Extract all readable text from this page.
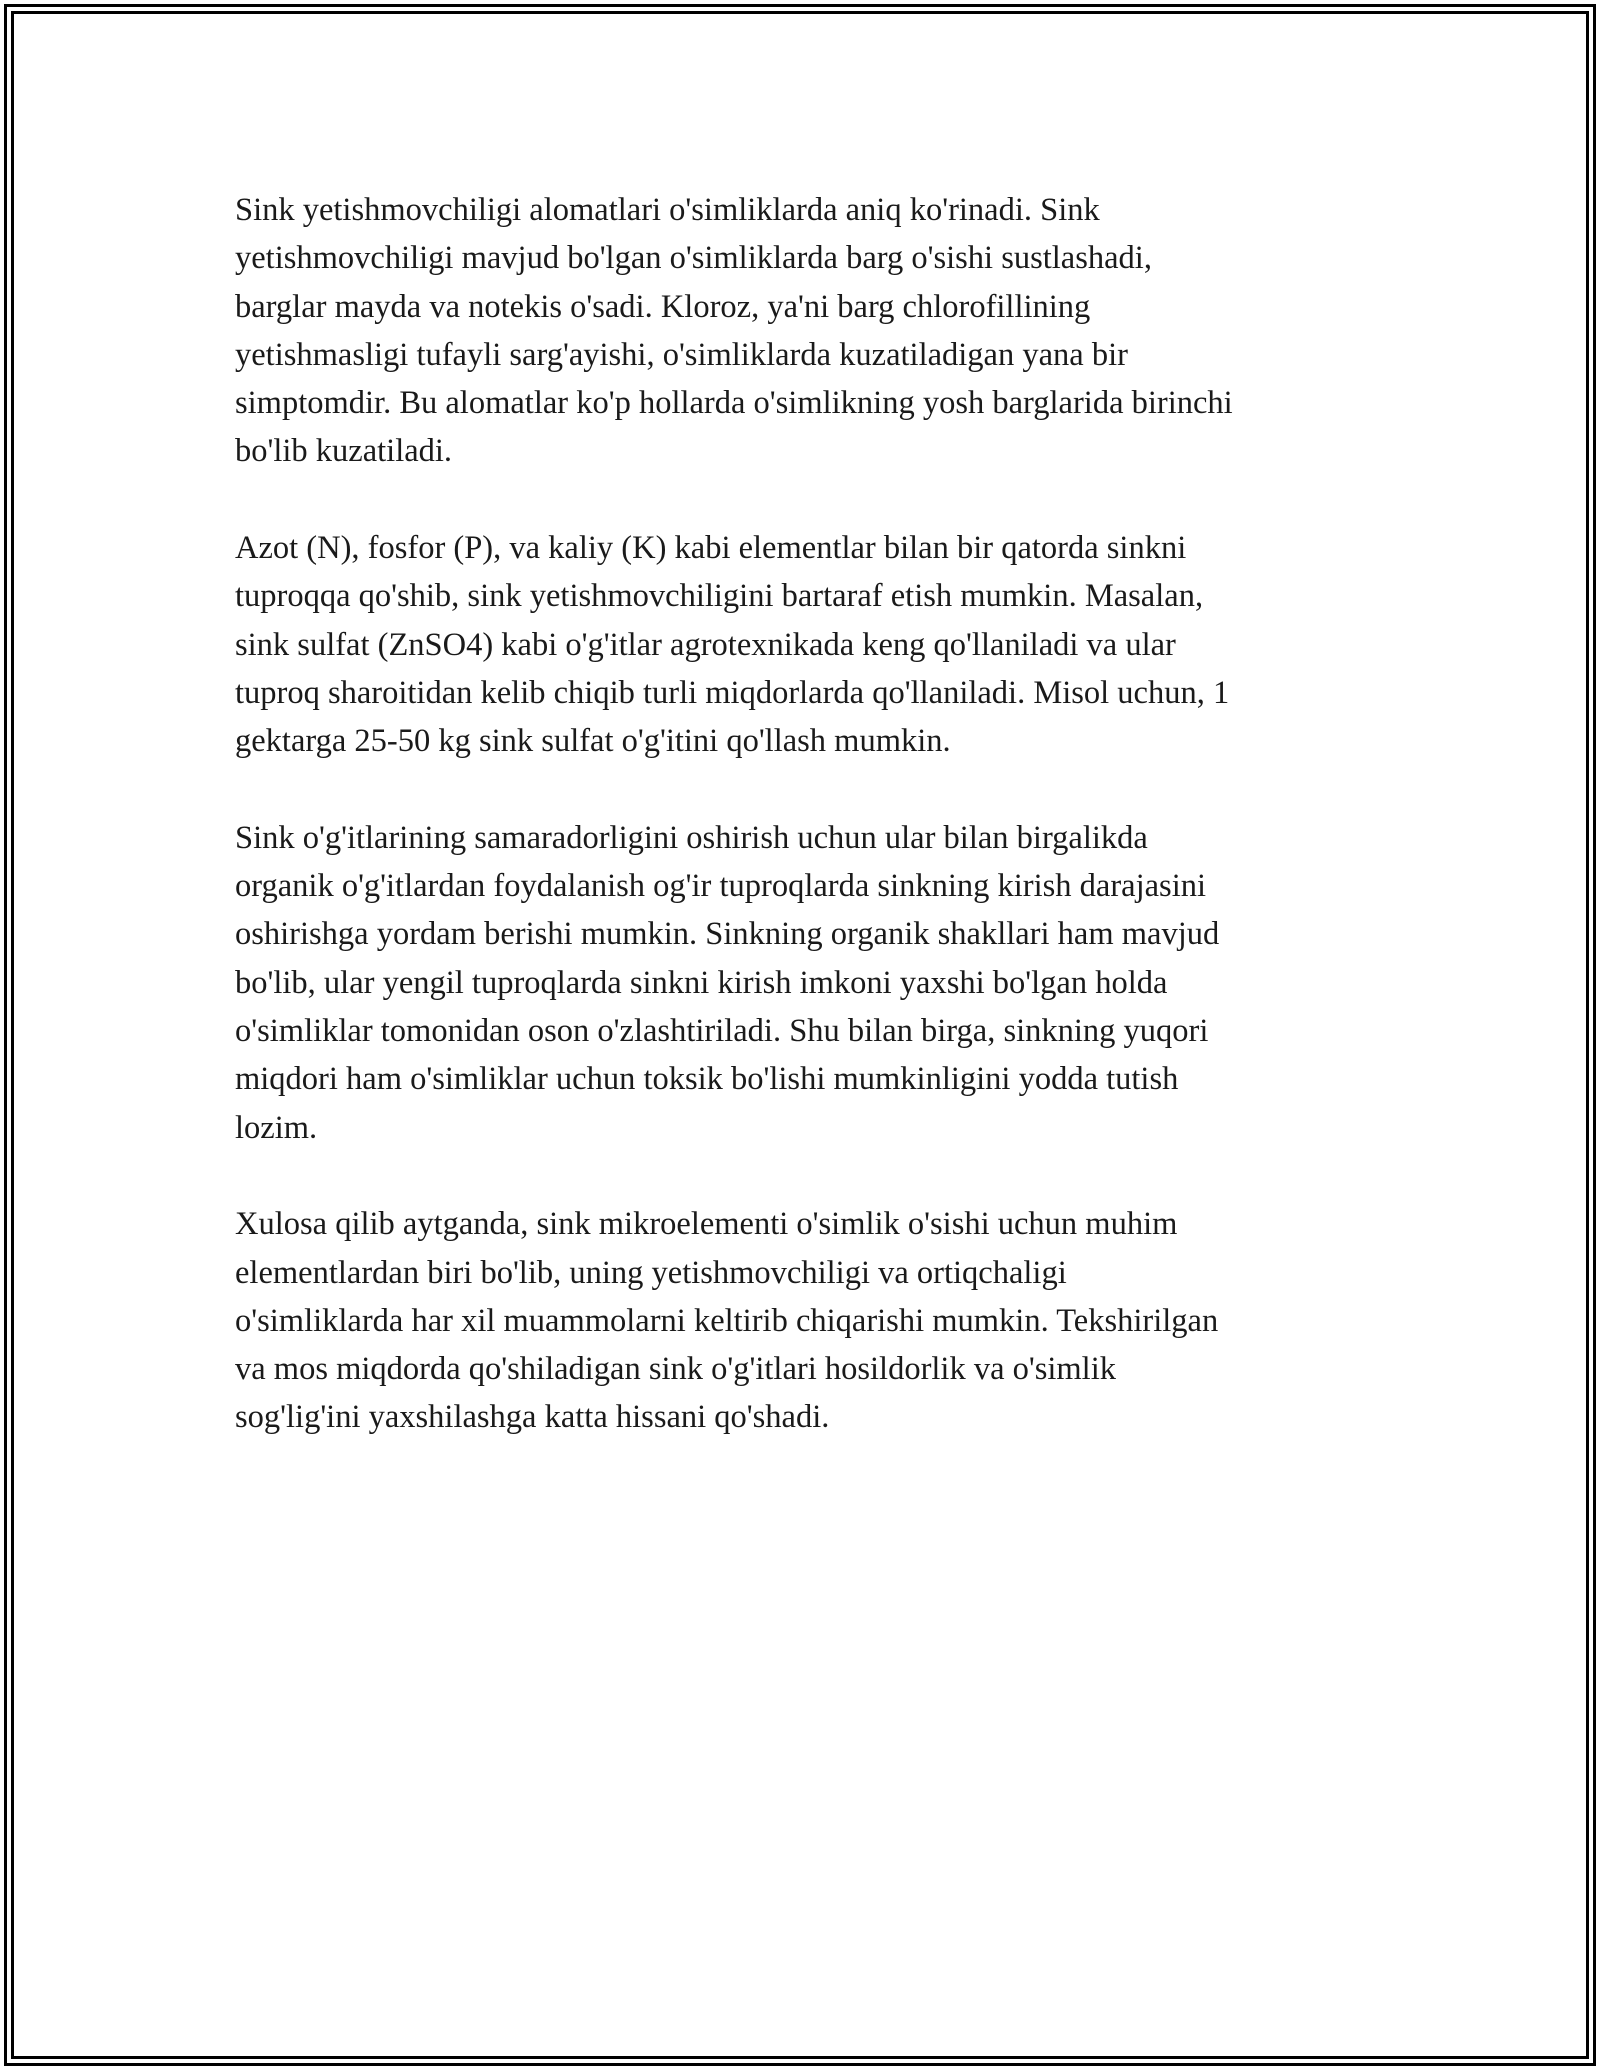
Sink yetishmovchiligi alomatlari o'simliklarda aniq ko'rinadi. Sink
yetishmovchiligi mavjud bo'lgan o'simliklarda barg o'sishi sustlashadi,
barglar mayda va notekis o'sadi. Kloroz, ya'ni barg chlorofillining
yetishmasligi tufayli sarg'ayishi, o'simliklarda kuzatiladigan yana bir
simptomdir. Bu alomatlar ko'p hollarda o'simlikning yosh barglarida birinchi
bo'lib kuzatiladi.

Azot (N), fosfor (P), va kaliy (K) kabi elementlar bilan bir qatorda sinkni
tuproqqa qo'shib, sink yetishmovchiligini bartaraf etish mumkin. Masalan,
sink sulfat (ZnSO4) kabi o'g'itlar agrotexnikada keng qo'llaniladi va ular
tuproq sharoitidan kelib chiqib turli miqdorlarda qo'llaniladi. Misol uchun, 1
gektarga 25-50 kg sink sulfat o'g'itini qo'llash mumkin.

Sink o'g'itlarining samaradorligini oshirish uchun ular bilan birgalikda
organik o'g'itlardan foydalanish og'ir tuproqlarda sinkning kirish darajasini
oshirishga yordam berishi mumkin. Sinkning organik shakllari ham mavjud
bo'lib, ular yengil tuproqlarda sinkni kirish imkoni yaxshi bo'lgan holda
o'simliklar tomonidan oson o'zlashtiriladi. Shu bilan birga, sinkning yuqori
miqdori ham o'simliklar uchun toksik bo'lishi mumkinligini yodda tutish
lozim.

Xulosa qilib aytganda, sink mikroelementi o'simlik o'sishi uchun muhim
elementlardan biri bo'lib, uning yetishmovchiligi va ortiqchaligi
o'simliklarda har xil muammolarni keltirib chiqarishi mumkin. Tekshirilgan
va mos miqdorda qo'shiladigan sink o'g'itlari hosildorlik va o'simlik
sog'lig'ini yaxshilashga katta hissani qo'shadi.
